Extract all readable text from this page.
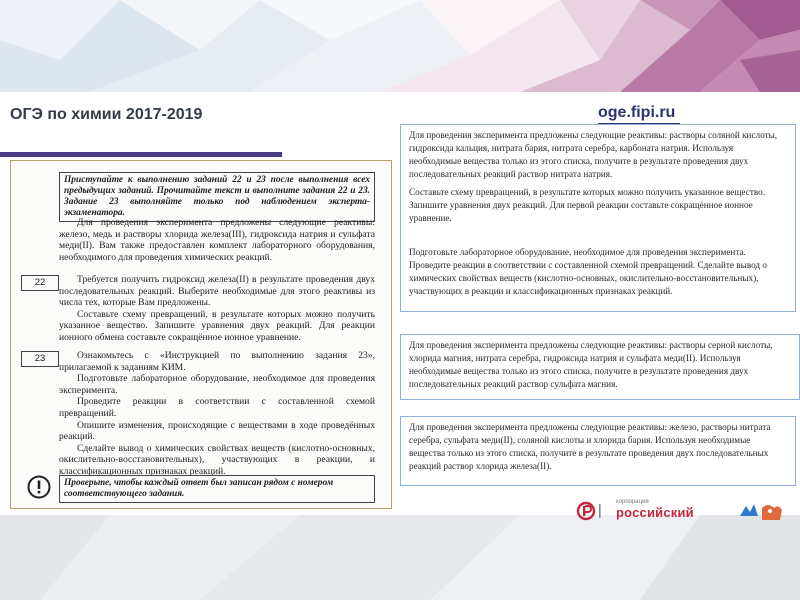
ОГЭ по химии 2017-2019	oge.fipi.ru
Приступайте к выполнению заданий 22 и 23 после выполнения всех предыдущих заданий. Прочитайте текст и выполните задания 22 и 23. Задание 23 выполняйте только под наблюдением эксперта-экзаменатора.
Для проведения эксперимента предложены следующие реактивы: железо, медь и растворы хлорида железа(III), гидроксида натрия и сульфата меди(II). Вам также предоставлен комплект лабораторного оборудования, необходимого для проведения химических реакций.
22	Требуется получить гидроксид железа(II) в результате проведения двух последовательных реакций. Выберите необходимые для этого реактивы из числа тех, которые Вам предложены.
Составьте схему превращений, в результате которых можно получить указанное вещество. Запишите уравнения двух реакций. Для реакции ионного обмена составьте сокращённое ионное уравнение.
23	Ознакомьтесь с «Инструкцией по выполнению задания 23», прилагаемой к заданиям КИМ.
Подготовьте лабораторное оборудование, необходимое для проведения эксперимента.
Проведите реакции в соответствии с составленной схемой превращений.
Опишите изменения, происходящие с веществами в ходе проведённых реакций.
Сделайте вывод о химических свойствах веществ (кислотно-основных, окислительно-восстановительных), участвующих в реакции, и классификационных признаках реакций.
Проверьте, чтобы каждый ответ был записан рядом с номером соответствующего задания.

Для проведения эксперимента предложены следующие реактивы: растворы соляной кислоты, гидроксида кальция, нитрата бария, нитрата серебра, карбоната натрия. Используя необходимые вещества только из этого списка, получите в результате проведения двух последовательных реакций раствор нитрата натрия.

Составьте схему превращений, в результате которых можно получить указанное вещество. Запишите уравнения двух реакций. Для первой реакции составьте сокращённое ионное уравнение.

Подготовьте лабораторное оборудование, необходимое для проведения эксперимента. Проведите реакции в соответствии с составленной схемой превращений. Сделайте вывод о химических свойствах веществ (кислотно-основных, окислительно-восстановительных), участвующих в реакции и классификационных признаках реакций.

Для проведения эксперимента предложены следующие реактивы: растворы серной кислоты, хлорида магния, нитрата серебра, гидроксида натрия и сульфата меди(II). Используя необходимые вещества только из этого списка, получите в результате проведения двух последовательных реакций раствор сульфата магния.

Для проведения эксперимента предложены следующие реактивы: железо, растворы нитрата серебра, сульфата меди(II), соляной кислоты и хлорида бария. Используя необходимые вещества только из этого списка, получите в результате проведения двух последовательных реакций раствор хлорида железа(II).

корпорация
российский
